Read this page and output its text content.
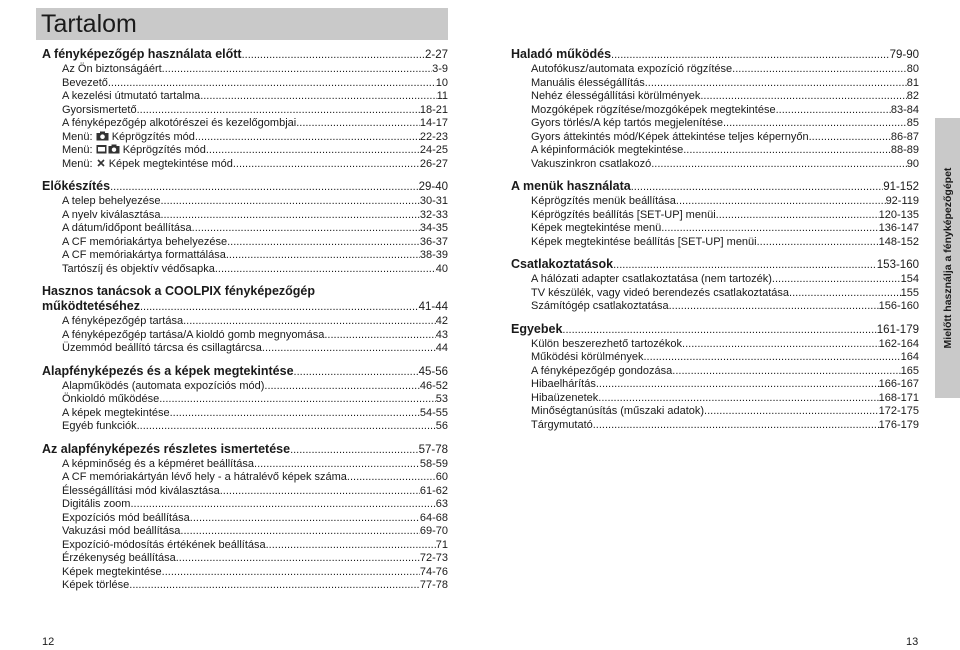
Tartalom
A fényképezőgép használata előtt .....	2-27
Az Ön biztonságáért .....	3-9
Bevezető .....	10
A kezelési útmutató tartalma .....	11
Gyorsismertető .....	18-21
A fényképezőgép alkotórészei és kezelőgombjai .....	14-17
Menü:  Képrögzítés mód .....	22-23
Menü:  Képrögzítés mód .....	24-25
Menü:  Képek megtekintése mód .....	26-27
Előkészítés .....	29-40
A telep behelyezése .....	30-31
A nyelv kiválasztása .....	32-33
A dátum/időpont beállítása .....	34-35
A CF memóriakártya behelyezése .....	36-37
A CF memóriakártya formattálása .....	38-39
Tartószíj és objektív védősapka .....	40
Hasznos tanácsok a COOLPIX fényképezőgép
működtetéséhez .....	41-44
A fényképezőgép tartása .....	42
A fényképezőgép tartása/A kioldó gomb megnyomása .....	43
Üzemmód beállító tárcsa és csillagtárcsa .....	44
Alapfényképezés és a képek megtekintése .....	45-56
Alapműködés (automata expozíciós mód) .....	46-52
Önkioldó működése .....	53
A képek megtekintése .....	54-55
Egyéb funkciók .....	56
Az alapfényképezés részletes ismertetése .....	57-78
A képminőség és a képméret beállítása .....	58-59
A CF memóriakártyán lévő hely - a hátralévő képek száma .....	60
Élességállítási mód kiválasztása .....	61-62
Digitális zoom .....	63
Expozíciós mód beállítása .....	64-68
Vakuzási mód beállítása .....	69-70
Expozíció-módosítás értékének beállítása .....	71
Érzékenység beállítása .....	72-73
Képek megtekintése .....	74-76
Képek törlése .....	77-78
Haladó működés .....	79-90
Autofókusz/automata expozíció rögzítése .....	80
Manuális élességállítás .....	81
Nehéz élességállítási körülmények .....	82
Mozgóképek rögzítése/mozgóképek megtekintése .....	83-84
Gyors törlés/A kép tartós megjelenítése .....	85
Gyors áttekintés mód/Képek áttekintése teljes képernyőn .....	86-87
A képinformációk megtekintése .....	88-89
Vakuszinkron csatlakozó .....	90
A menük használata .....	91-152
Képrögzítés menük beállítása .....	92-119
Képrögzítés beállítás [SET-UP] menüi .....	120-135
Képek megtekintése menü .....	136-147
Képek megtekintése beállítás [SET-UP] menüi .....	148-152
Csatlakoztatások .....	153-160
A hálózati adapter csatlakoztatása (nem tartozék) .....	154
TV készülék, vagy videó berendezés csatlakoztatása .....	155
Számítógép csatlakoztatása .....	156-160
Egyebek .....	161-179
Külön beszerezhető tartozékok .....	162-164
Működési körülmények .....	164
A fényképezőgép gondozása .....	165
Hibaelhárítás .....	166-167
Hibaüzenetek .....	168-171
Minőségtanúsítás (műszaki adatok) .....	172-175
Tárgymutató .....	176-179
Mielőtt használja a fényképezőgépet
12	13
